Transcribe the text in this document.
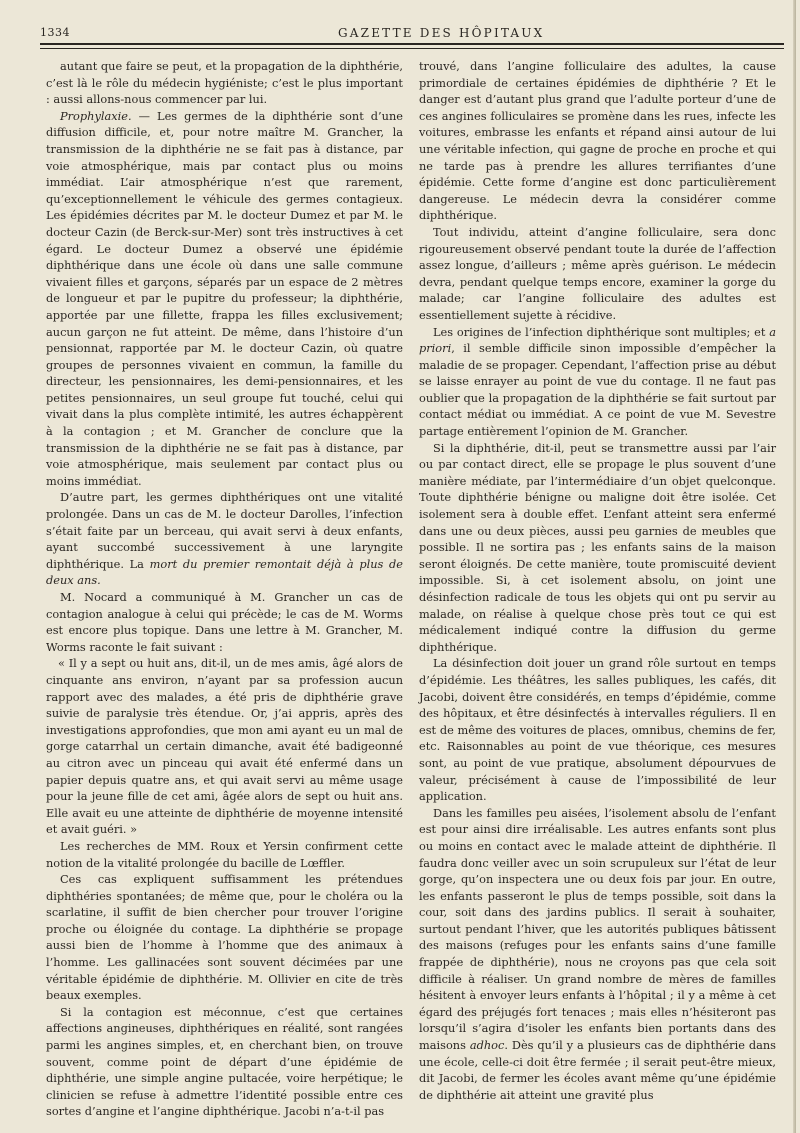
1334	GAZETTE DES HÔPITAUX

autant que faire se peut, et la propagation de la diphthérie, c’est là le rôle du médecin hygiéniste; c’est le plus important : aussi allons-nous commencer par lui.

Prophylaxie. — Les germes de la diphthérie sont d’une diffusion difficile, et, pour notre maître M. Grancher, la transmission de la diphthérie ne se fait pas à distance, par voie atmosphérique, mais par contact plus ou moins immédiat. L’air atmosphérique n’est que rarement, qu’exceptionnellement le véhicule des germes contagieux. Les épidémies décrites par M. le docteur Dumez et par M. le docteur Cazin (de Berck-sur-Mer) sont très instructives à cet égard. Le docteur Dumez a observé une épidémie diphthérique dans une école où dans une salle commune vivaient filles et garçons, séparés par un espace de 2 mètres de longueur et par le pupitre du professeur; la diphthérie, apportée par une fillette, frappa les filles exclusivement; aucun garçon ne fut atteint. De même, dans l’histoire d’un pensionnat, rapportée par M. le docteur Cazin, où quatre groupes de personnes vivaient en commun, la famille du directeur, les pensionnaires, les demi-pensionnaires, et les petites pensionnaires, un seul groupe fut touché, celui qui vivait dans la plus complète intimité, les autres échappèrent à la contagion ; et M. Grancher de conclure que la transmission de la diphthérie ne se fait pas à distance, par voie atmosphérique, mais seulement par contact plus ou moins immédiat.

D’autre part, les germes diphthériques ont une vitalité prolongée. Dans un cas de M. le docteur Darolles, l’infection s’était faite par un berceau, qui avait servi à deux enfants, ayant succombé successivement à une laryngite diphthérique. La mort du premier remontait déjà à plus de deux ans.

M. Nocard a communiqué à M. Grancher un cas de contagion analogue à celui qui précède; le cas de M. Worms est encore plus topique. Dans une lettre à M. Grancher, M. Worms raconte le fait suivant :

« Il y a sept ou huit ans, dit-il, un de mes amis, âgé alors de cinquante ans environ, n’ayant par sa profession aucun rapport avec des malades, a été pris de diphthérie grave suivie de paralysie très étendue. Or, j’ai appris, après des investigations approfondies, que mon ami ayant eu un mal de gorge catarrhal un certain dimanche, avait été badigeonné au citron avec un pinceau qui avait été enfermé dans un papier depuis quatre ans, et qui avait servi au même usage pour la jeune fille de cet ami, âgée alors de sept ou huit ans. Elle avait eu une atteinte de diphthérie de moyenne intensité et avait guéri. »

Les recherches de MM. Roux et Yersin confirment cette notion de la vitalité prolongée du bacille de Lœffler.

Ces cas expliquent suffisamment les prétendues diphthéries spontanées; de même que, pour le choléra ou la scarlatine, il suffit de bien chercher pour trouver l’origine proche ou éloignée du contage. La diphthérie se propage aussi bien de l’homme à l’homme que des animaux à l’homme. Les gallinacées sont souvent décimées par une véritable épidémie de diphthérie. M. Ollivier en cite de très beaux exemples.

Si la contagion est méconnue, c’est que certaines affections angineuses, diphthériques en réalité, sont rangées parmi les angines simples, et, en cherchant bien, on trouve souvent, comme point de départ d’une épidémie de diphthérie, une simple angine pultacée, voire herpétique; le clinicien se refuse à admettre l’identité possible entre ces sortes d’angine et l’angine diphthérique. Jacobi n’a-t-il pas

trouvé, dans l’angine folliculaire des adultes, la cause primordiale de certaines épidémies de diphthérie ? Et le danger est d’autant plus grand que l’adulte porteur d’une de ces angines folliculaires se promène dans les rues, infecte les voitures, embrasse les enfants et répand ainsi autour de lui une véritable infection, qui gagne de proche en proche et qui ne tarde pas à prendre les allures terrifiantes d’une épidémie. Cette forme d’angine est donc particulièrement dangereuse. Le médecin devra la considérer comme diphthérique.

Tout individu, atteint d’angine folliculaire, sera donc rigoureusement observé pendant toute la durée de l’affection assez longue, d’ailleurs ; même après guérison. Le médecin devra, pendant quelque temps encore, examiner la gorge du malade; car l’angine folliculaire des adultes est essentiellement sujette à récidive.

Les origines de l’infection diphthérique sont multiples; et a priori, il semble difficile sinon impossible d’empêcher la maladie de se propager. Cependant, l’affection prise au début se laisse enrayer au point de vue du contage. Il ne faut pas oublier que la propagation de la diphthérie se fait surtout par contact médiat ou immédiat. A ce point de vue M. Sevestre partage entièrement l’opinion de M. Grancher.

Si la diphthérie, dit-il, peut se transmettre aussi par l’air ou par contact direct, elle se propage le plus souvent d’une manière médiate, par l’intermédiaire d’un objet quelconque. Toute diphthérie bénigne ou maligne doit être isolée. Cet isolement sera à double effet. L’enfant atteint sera enfermé dans une ou deux pièces, aussi peu garnies de meubles que possible. Il ne sortira pas ; les enfants sains de la maison seront éloignés. De cette manière, toute promiscuité devient impossible. Si, à cet isolement absolu, on joint une désinfection radicale de tous les objets qui ont pu servir au malade, on réalise à quelque chose près tout ce qui est médicalement indiqué contre la diffusion du germe diphthérique.

La désinfection doit jouer un grand rôle surtout en temps d’épidémie. Les théâtres, les salles publiques, les cafés, dit Jacobi, doivent être considérés, en temps d’épidémie, comme des hôpitaux, et être désinfectés à intervalles réguliers. Il en est de même des voitures de places, omnibus, chemins de fer, etc. Raisonnables au point de vue théorique, ces mesures sont, au point de vue pratique, absolument dépourvues de valeur, précisément à cause de l’impossibilité de leur application.

Dans les familles peu aisées, l’isolement absolu de l’enfant est pour ainsi dire irréalisable. Les autres enfants sont plus ou moins en contact avec le malade atteint de diphthérie. Il faudra donc veiller avec un soin scrupuleux sur l’état de leur gorge, qu’on inspectera une ou deux fois par jour. En outre, les enfants passeront le plus de temps possible, soit dans la cour, soit dans des jardins publics. Il serait à souhaiter, surtout pendant l’hiver, que les autorités publiques bâtissent des maisons (refuges pour les enfants sains d’une famille frappée de diphthérie), nous ne croyons pas que cela soit difficile à réaliser. Un grand nombre de mères de familles hésitent à envoyer leurs enfants à l’hôpital ; il y a même à cet égard des préjugés fort tenaces ; mais elles n’hésiteront pas lorsqu’il s’agira d’isoler les enfants bien portants dans des maisons adhoc. Dès qu’il y a plusieurs cas de diphthérie dans une école, celle-ci doit être fermée ; il serait peut-être mieux, dit Jacobi, de fermer les écoles avant même qu’une épidémie de diphthérie ait atteint une gravité plus
